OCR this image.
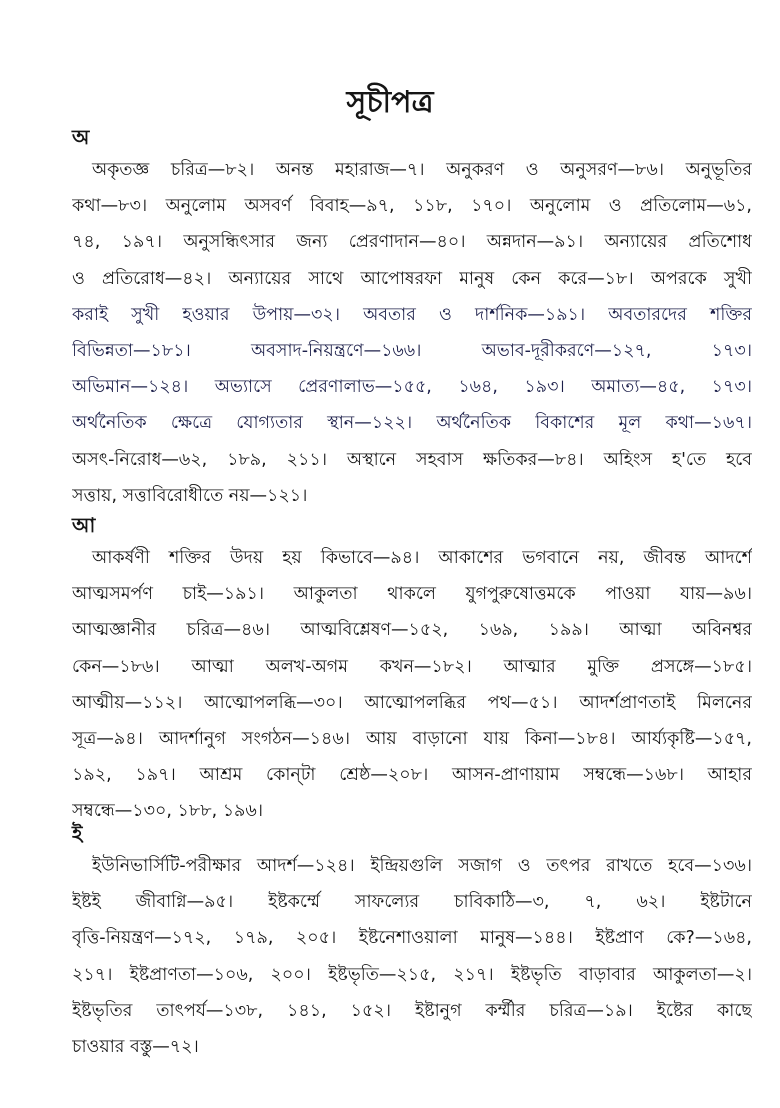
সূচীপত্র
অ
অকৃতজ্ঞ চরিত্র—৮২। অনন্ত মহারাজ—৭। অনুকরণ ও অনুসরণ—৮৬। অনুভূতির
কথা—৮৩। অনুলোম অসবর্ণ বিবাহ—৯৭, ১১৮, ১৭০। অনুলোম ও প্রতিলোম—৬১,
৭৪, ১৯৭। অনুসন্ধিৎসার জন্য প্রেরণাদান—৪০। অন্নদান—৯১। অন্যায়ের প্রতিশোধ
ও প্রতিরোধ—৪২। অন্যায়ের সাথে আপোষরফা মানুষ কেন করে—১৮। অপরকে সুখী
করাই সুখী হওয়ার উপায়—৩২। অবতার ও দার্শনিক—১৯১। অবতারদের শক্তির
বিভিন্নতা—১৮১। অবসাদ-নিয়ন্ত্রণে—১৬৬। অভাব-দূরীকরণে—১২৭, ১৭৩।
অভিমান—১২৪। অভ্যাসে প্রেরণালাভ—১৫৫, ১৬৪, ১৯৩। অমাত্য—৪৫, ১৭৩।
অর্থনৈতিক ক্ষেত্রে যোগ্যতার স্থান—১২২। অর্থনৈতিক বিকাশের মূল কথা—১৬৭।
অসৎ-নিরোধ—৬২, ১৮৯, ২১১। অস্থানে সহবাস ক্ষতিকর—৮৪। অহিংস হ'তে হবে
সত্তায়, সত্তাবিরোধীতে নয়—১২১।
আ
আকর্ষণী শক্তির উদয় হয় কিভাবে—৯৪। আকাশের ভগবানে নয়, জীবন্ত আদর্শে
আত্মসমর্পণ চাই—১৯১। আকুলতা থাকলে যুগপুরুষোত্তমকে পাওয়া যায়—৯৬।
আত্মজ্ঞানীর চরিত্র—৪৬। আত্মবিশ্লেষণ—১৫২, ১৬৯, ১৯৯। আত্মা অবিনশ্বর
কেন—১৮৬। আত্মা অলখ-অগম কখন—১৮২। আত্মার মুক্তি প্রসঙ্গে—১৮৫।
আত্মীয়—১১২। আত্মোপলব্ধি—৩০। আত্মোপলব্ধির পথ—৫১। আদর্শপ্রাণতাই মিলনের
সূত্র—৯৪। আদর্শানুগ সংগঠন—১৪৬। আয় বাড়ানো যায় কিনা—১৮৪। আর্য্যকৃষ্টি—১৫৭,
১৯২, ১৯৭। আশ্রম কোন্‌টা শ্রেষ্ঠ—২০৮। আসন-প্রাণায়াম সম্বন্ধে—১৬৮। আহার
সম্বন্ধে—১৩০, ১৮৮, ১৯৬।
ই
ইউনিভার্সিটি-পরীক্ষার আদর্শ—১২৪। ইন্দ্রিয়গুলি সজাগ ও তৎপর রাখতে হবে—১৩৬।
ইষ্টই জীবাগ্নি—৯৫। ইষ্টকর্ম্মে সাফল্যের চাবিকাঠি—৩, ৭, ৬২। ইষ্টটানে
বৃত্তি-নিয়ন্ত্রণ—১৭২, ১৭৯, ২০৫। ইষ্টনেশাওয়ালা মানুষ—১৪৪। ইষ্টপ্রাণ কে?—১৬৪,
২১৭। ইষ্টপ্রাণতা—১০৬, ২০০। ইষ্টভৃতি—২১৫, ২১৭। ইষ্টভৃতি বাড়াবার আকুলতা—২।
ইষ্টভৃতির তাৎপর্য—১৩৮, ১৪১, ১৫২। ইষ্টানুগ কর্ম্মীর চরিত্র—১৯। ইষ্টের কাছে
চাওয়ার বস্তু—৭২।
